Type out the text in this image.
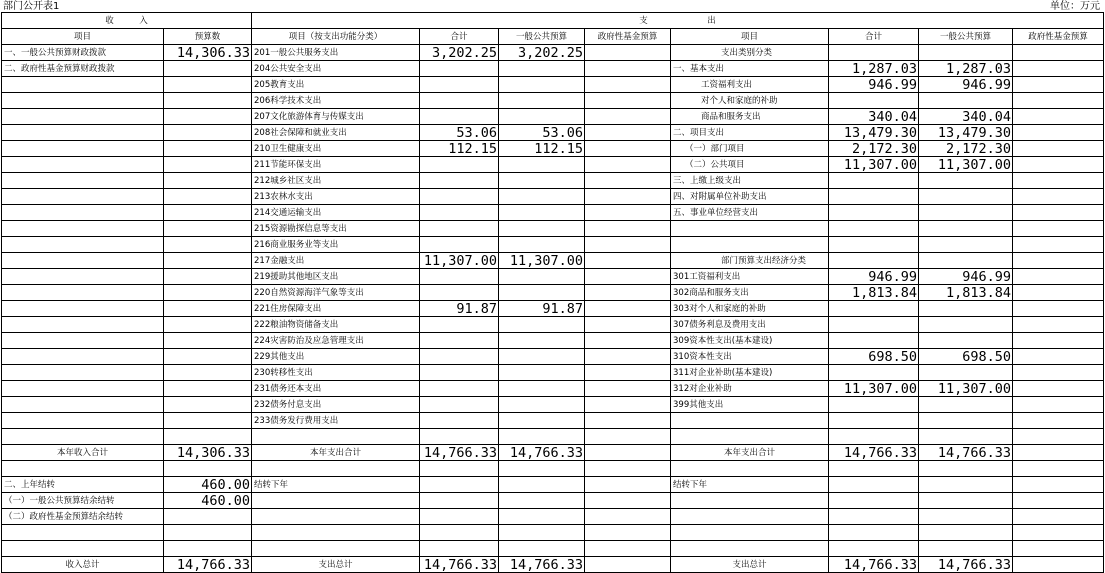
部门公开表1	单位：万元
收　　　入		支　　　　　　　出							
项目	预算数	项目（按支出功能分类）	合计	一般公共预算	政府性基金预算	项目	合计	一般公共预算	政府性基金预算
一、一般公共预算财政拨款	14,306.33	201一般公共服务支出	3,202.25	3,202.25		支出类别分类			
二、政府性基金预算财政拨款		204公共安全支出				一、基本支出	1,287.03	1,287.03	
		205教育支出				工资福利支出	946.99	946.99	
		206科学技术支出				对个人和家庭的补助			
		207文化旅游体育与传媒支出				商品和服务支出	340.04	340.04	
		208社会保障和就业支出	53.06	53.06		二、项目支出	13,479.30	13,479.30	
		210卫生健康支出	112.15	112.15		（一）部门项目	2,172.30	2,172.30	
		211节能环保支出				（二）公共项目	11,307.00	11,307.00	
		212城乡社区支出				三、上缴上级支出			
		213农林水支出				四、对附属单位补助支出			
		214交通运输支出				五、事业单位经营支出			
		215资源勘探信息等支出							
		216商业服务业等支出							
		217金融支出	11,307.00	11,307.00		部门预算支出经济分类			
		219援助其他地区支出				301工资福利支出	946.99	946.99	
		220自然资源海洋气象等支出				302商品和服务支出	1,813.84	1,813.84	
		221住房保障支出	91.87	91.87		303对个人和家庭的补助			
		222粮油物资储备支出				307债务利息及费用支出			
		224灾害防治及应急管理支出				309资本性支出(基本建设)			
		229其他支出				310资本性支出	698.50	698.50	
		230转移性支出				311对企业补助(基本建设)			
		231债务还本支出				312对企业补助	11,307.00	11,307.00	
		232债务付息支出				399其他支出			
		233债务发行费用支出							

本年收入合计	14,306.33	本年支出合计	14,766.33	14,766.33		本年支出合计	14,766.33	14,766.33	

二、上年结转	460.00	结转下年				结转下年			
（一）一般公共预算结余结转	460.00								
（二）政府性基金预算结余结转									

收入总计	14,766.33	支出总计	14,766.33	14,766.33		支出总计	14,766.33	14,766.33	
